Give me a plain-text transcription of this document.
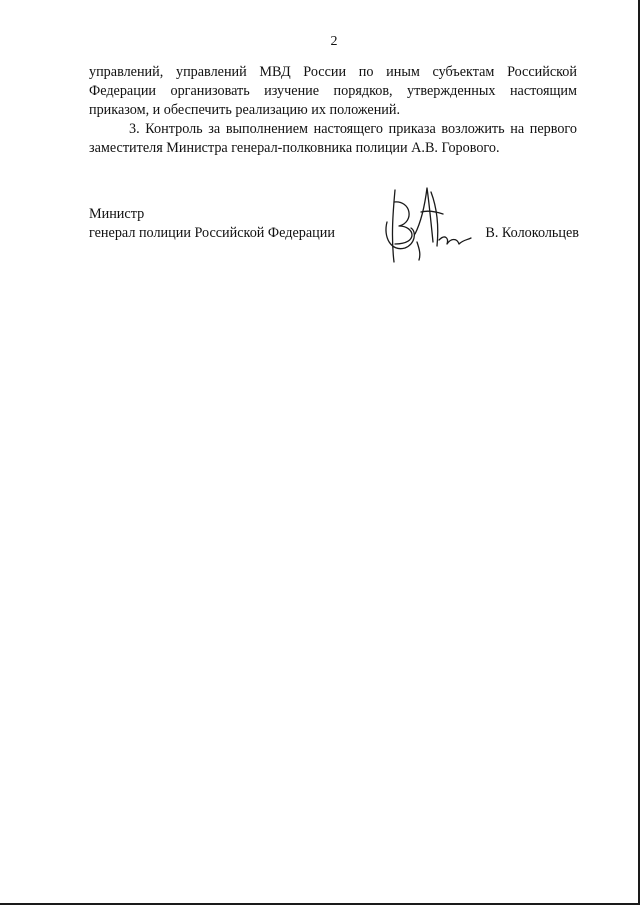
2

управлений, управлений МВД России по иным субъектам Российской Федерации организовать изучение порядков, утвержденных настоящим приказом, и обеспечить реализацию их положений.

3. Контроль за выполнением настоящего приказа возложить на первого заместителя Министра генерал-полковника полиции А.В. Горового.

Министр
генерал полиции Российской Федерации	В. Колокольцев
